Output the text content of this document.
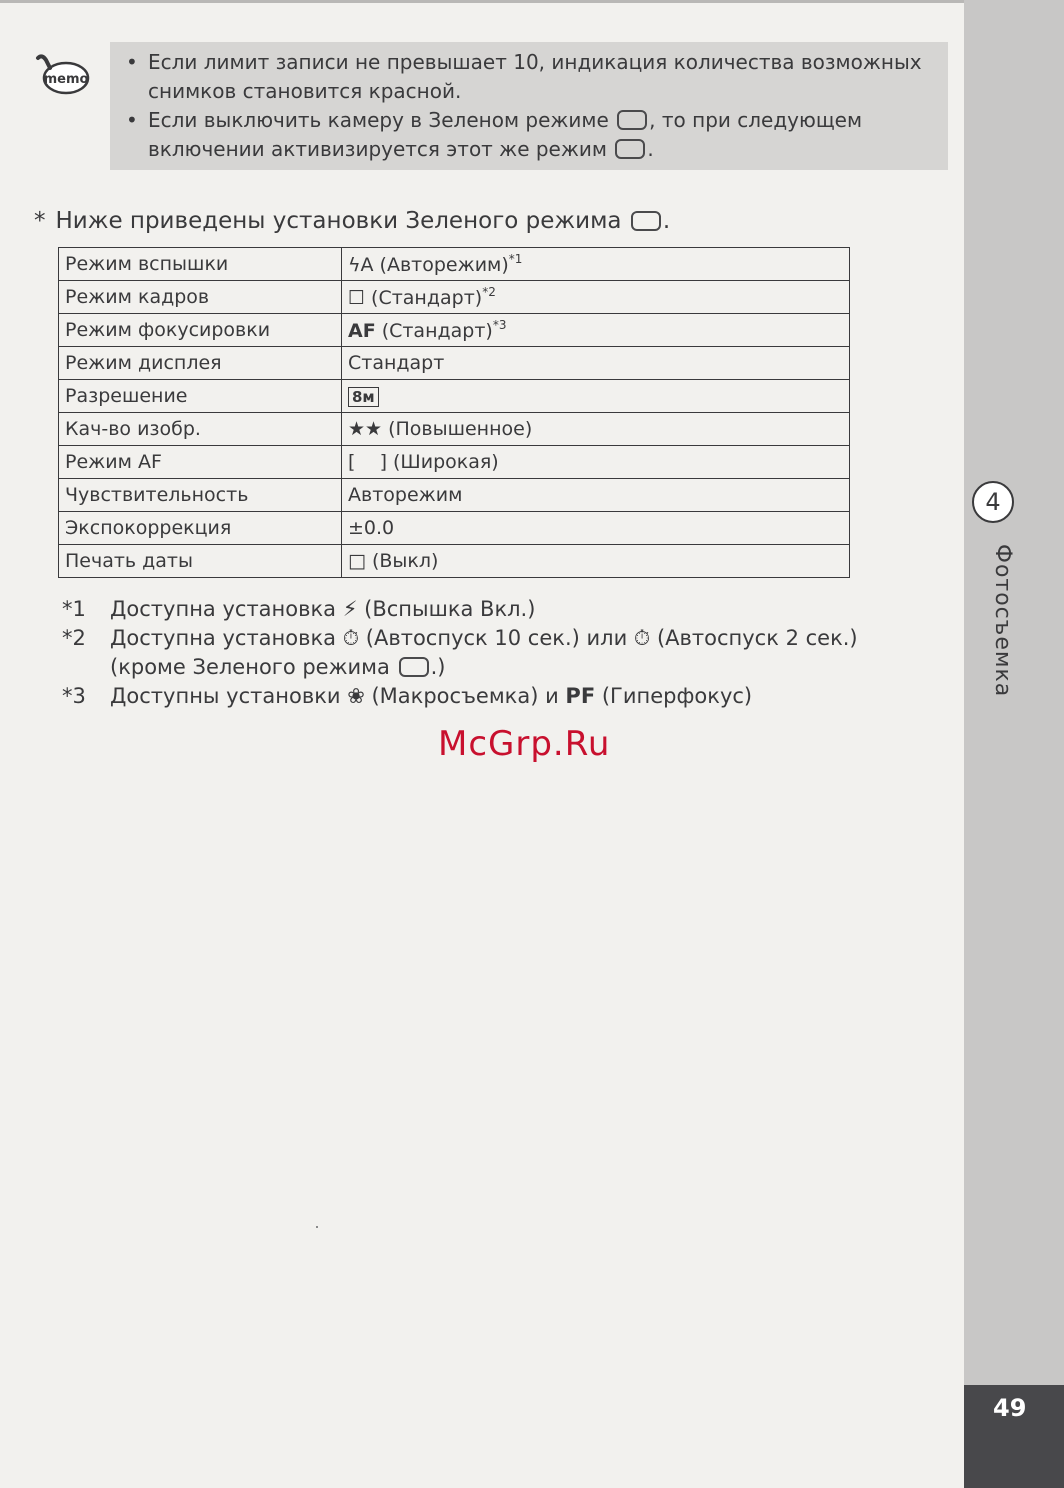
4
Фотосъемка
49
memo
• Если лимит записи не превышает 10, индикация количества возможных снимков становится красной.
• Если выключить камеру в Зеленом режиме , то при следующем включении активизируется этот же режим .
* Ниже приведены установки Зеленого режима .
Режим вспышки	ϟA (Авторежим)$^{*1}$
Режим кадров	☐ (Стандарт)$^{*2}$
Режим фокусировки	AF (Стандарт)$^{*3}$
Режим дисплея	Стандарт
Разрешение	8м
Кач-во изобр.	★★ (Повышенное)
Режим AF	[    ] (Широкая)
Чувствительность	Авторежим
Экспокоррекция	±0.0
Печать даты	□ (Выкл)
*1 Доступна установка ⚡ (Вспышка Вкл.)
*2 Доступна установка ⏱ (Автоспуск 10 сек.) или ⏱ (Автоспуск 2 сек.)
(кроме Зеленого режима .)
*3 Доступны установки ❀ (Макросъемка) и PF (Гиперфокус)
McGrp.Ru
